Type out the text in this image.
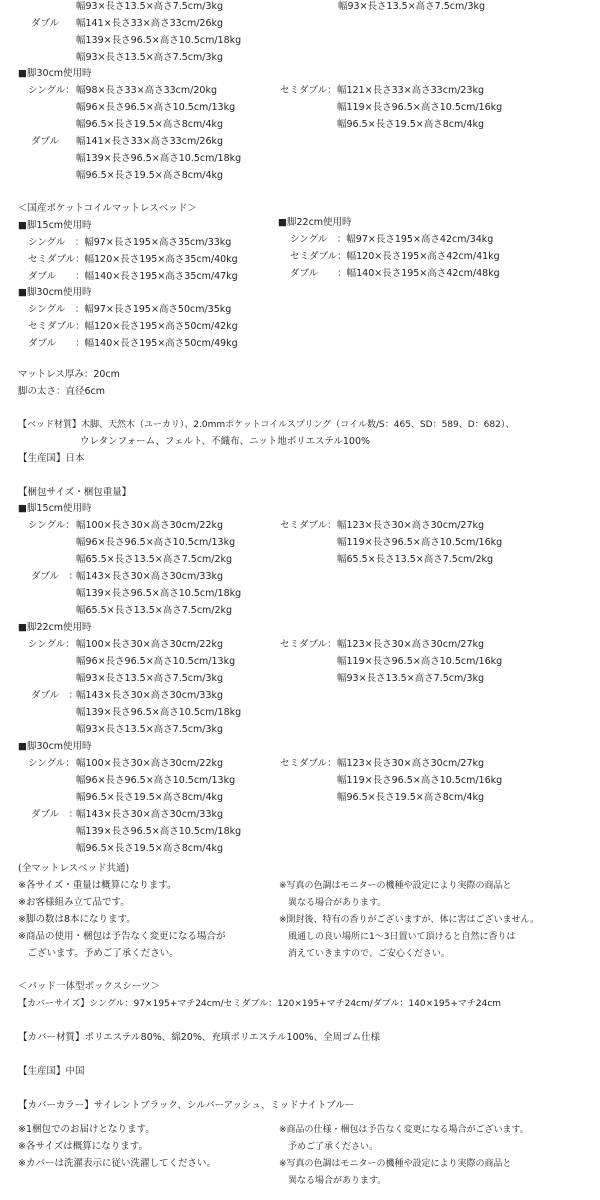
幅93×長さ13.5×高さ7.5cm/3kg
ダブル 幅141×長さ33×高さ33cm/26kg
幅139×長さ96.5×高さ10.5cm/18kg
幅93×長さ13.5×高さ7.5cm/3kg
幅93×長さ13.5×高さ7.5cm/3kg
■脚30cm使用時
シングル： 幅98×長さ33×高さ33cm/20kg
幅96×長さ96.5×高さ10.5cm/13kg
幅96.5×長さ19.5×高さ8cm/4kg
ダブル 幅141×長さ33×高さ33cm/26kg
幅139×長さ96.5×高さ10.5cm/18kg
幅96.5×長さ19.5×高さ8cm/4kg
セミダブル： 幅121×長さ33×高さ33cm/23kg
幅119×長さ96.5×高さ10.5cm/16kg
幅96.5×長さ19.5×高さ8cm/4kg
＜国産ポケットコイルマットレスベッド＞
■脚15cm使用時
シングル　：幅97×長さ195×高さ35cm/33kg
セミダブル：幅120×長さ195×高さ35cm/40kg
ダブル　　：幅140×長さ195×高さ35cm/47kg
■脚30cm使用時
シングル　：幅97×長さ195×高さ50cm/35kg
セミダブル：幅120×長さ195×高さ50cm/42kg
ダブル　　：幅140×長さ195×高さ50cm/49kg
■脚22cm使用時
シングル　：幅97×長さ195×高さ42cm/34kg
セミダブル：幅120×長さ195×高さ42cm/41kg
ダブル　　：幅140×長さ195×高さ42cm/48kg
マットレス厚み：20cm
脚の太さ：直径6cm
【ベッド材質】木脚、天然木（ユーカリ）、2.0mmポケットコイルスプリング（コイル数/S：465、SD：589、D：682）、
ウレタンフォーム、フェルト、不織布、ニット地ポリエステル100%
【生産国】日本
【梱包サイズ・梱包重量】
■脚15cm使用時
シングル： 幅100×長さ30×高さ30cm/22kg
幅96×長さ96.5×高さ10.5cm/13kg
幅65.5×長さ13.5×高さ7.5cm/2kg
ダブル　：
幅143×長さ30×高さ30cm/33kg
幅139×長さ96.5×高さ10.5cm/18kg
幅65.5×長さ13.5×高さ7.5cm/2kg
セミダブル： 幅123×長さ30×高さ30cm/27kg
幅119×長さ96.5×高さ10.5cm/16kg
幅65.5×長さ13.5×高さ7.5cm/2kg
■脚22cm使用時
シングル： 幅100×長さ30×高さ30cm/22kg
幅96×長さ96.5×高さ10.5cm/13kg
幅93×長さ13.5×高さ7.5cm/3kg
ダブル　：
幅143×長さ30×高さ30cm/33kg
幅139×長さ96.5×高さ10.5cm/18kg
幅93×長さ13.5×高さ7.5cm/3kg
セミダブル： 幅123×長さ30×高さ30cm/27kg
幅119×長さ96.5×高さ10.5cm/16kg
幅93×長さ13.5×高さ7.5cm/3kg
■脚30cm使用時
シングル： 幅100×長さ30×高さ30cm/22kg
幅96×長さ96.5×高さ10.5cm/13kg
幅96.5×長さ19.5×高さ8cm/4kg
ダブル　：
幅143×長さ30×高さ30cm/33kg
幅139×長さ96.5×高さ10.5cm/18kg
幅96.5×長さ19.5×高さ8cm/4kg
セミダブル： 幅123×長さ30×高さ30cm/27kg
幅119×長さ96.5×高さ10.5cm/16kg
幅96.5×長さ19.5×高さ8cm/4kg
(全マットレスベッド共通)
※各サイズ・重量は概算になります。
※お客様組み立て品です。
※脚の数は8本になります。
※商品の使用・梱包は予告なく変更になる場合が
　ございます。予めご了承ください。
※写真の色調はモニターの機種や設定により実際の商品と
　異なる場合があります。
※開封後、特有の香りがございますが、体に害はございません。
　風通しの良い場所に1～3日置いて頂けると自然に香りは
　消えていきますので、ご安心ください。
＜パッド一体型ボックスシーツ＞
【カバーサイズ】シングル：97×195+マチ24cm/セミダブル：120×195+マチ24cm/ダブル：140×195+マチ24cm
【カバー材質】ポリエステル80%、綿20%、充填ポリエステル100%、全周ゴム仕様
【生産国】中国
【カバーカラー】サイレントブラック、シルバーアッシュ、ミッドナイトブルー
※1梱包でのお届けとなります。
※各サイズは概算になります。
※カバーは洗濯表示に従い洗濯してください。
※商品の仕様・梱包は予告なく変更になる場合がございます。
　予めご了承ください。
※写真の色調はモニターの機種や設定により実際の商品と
　異なる場合があります。
